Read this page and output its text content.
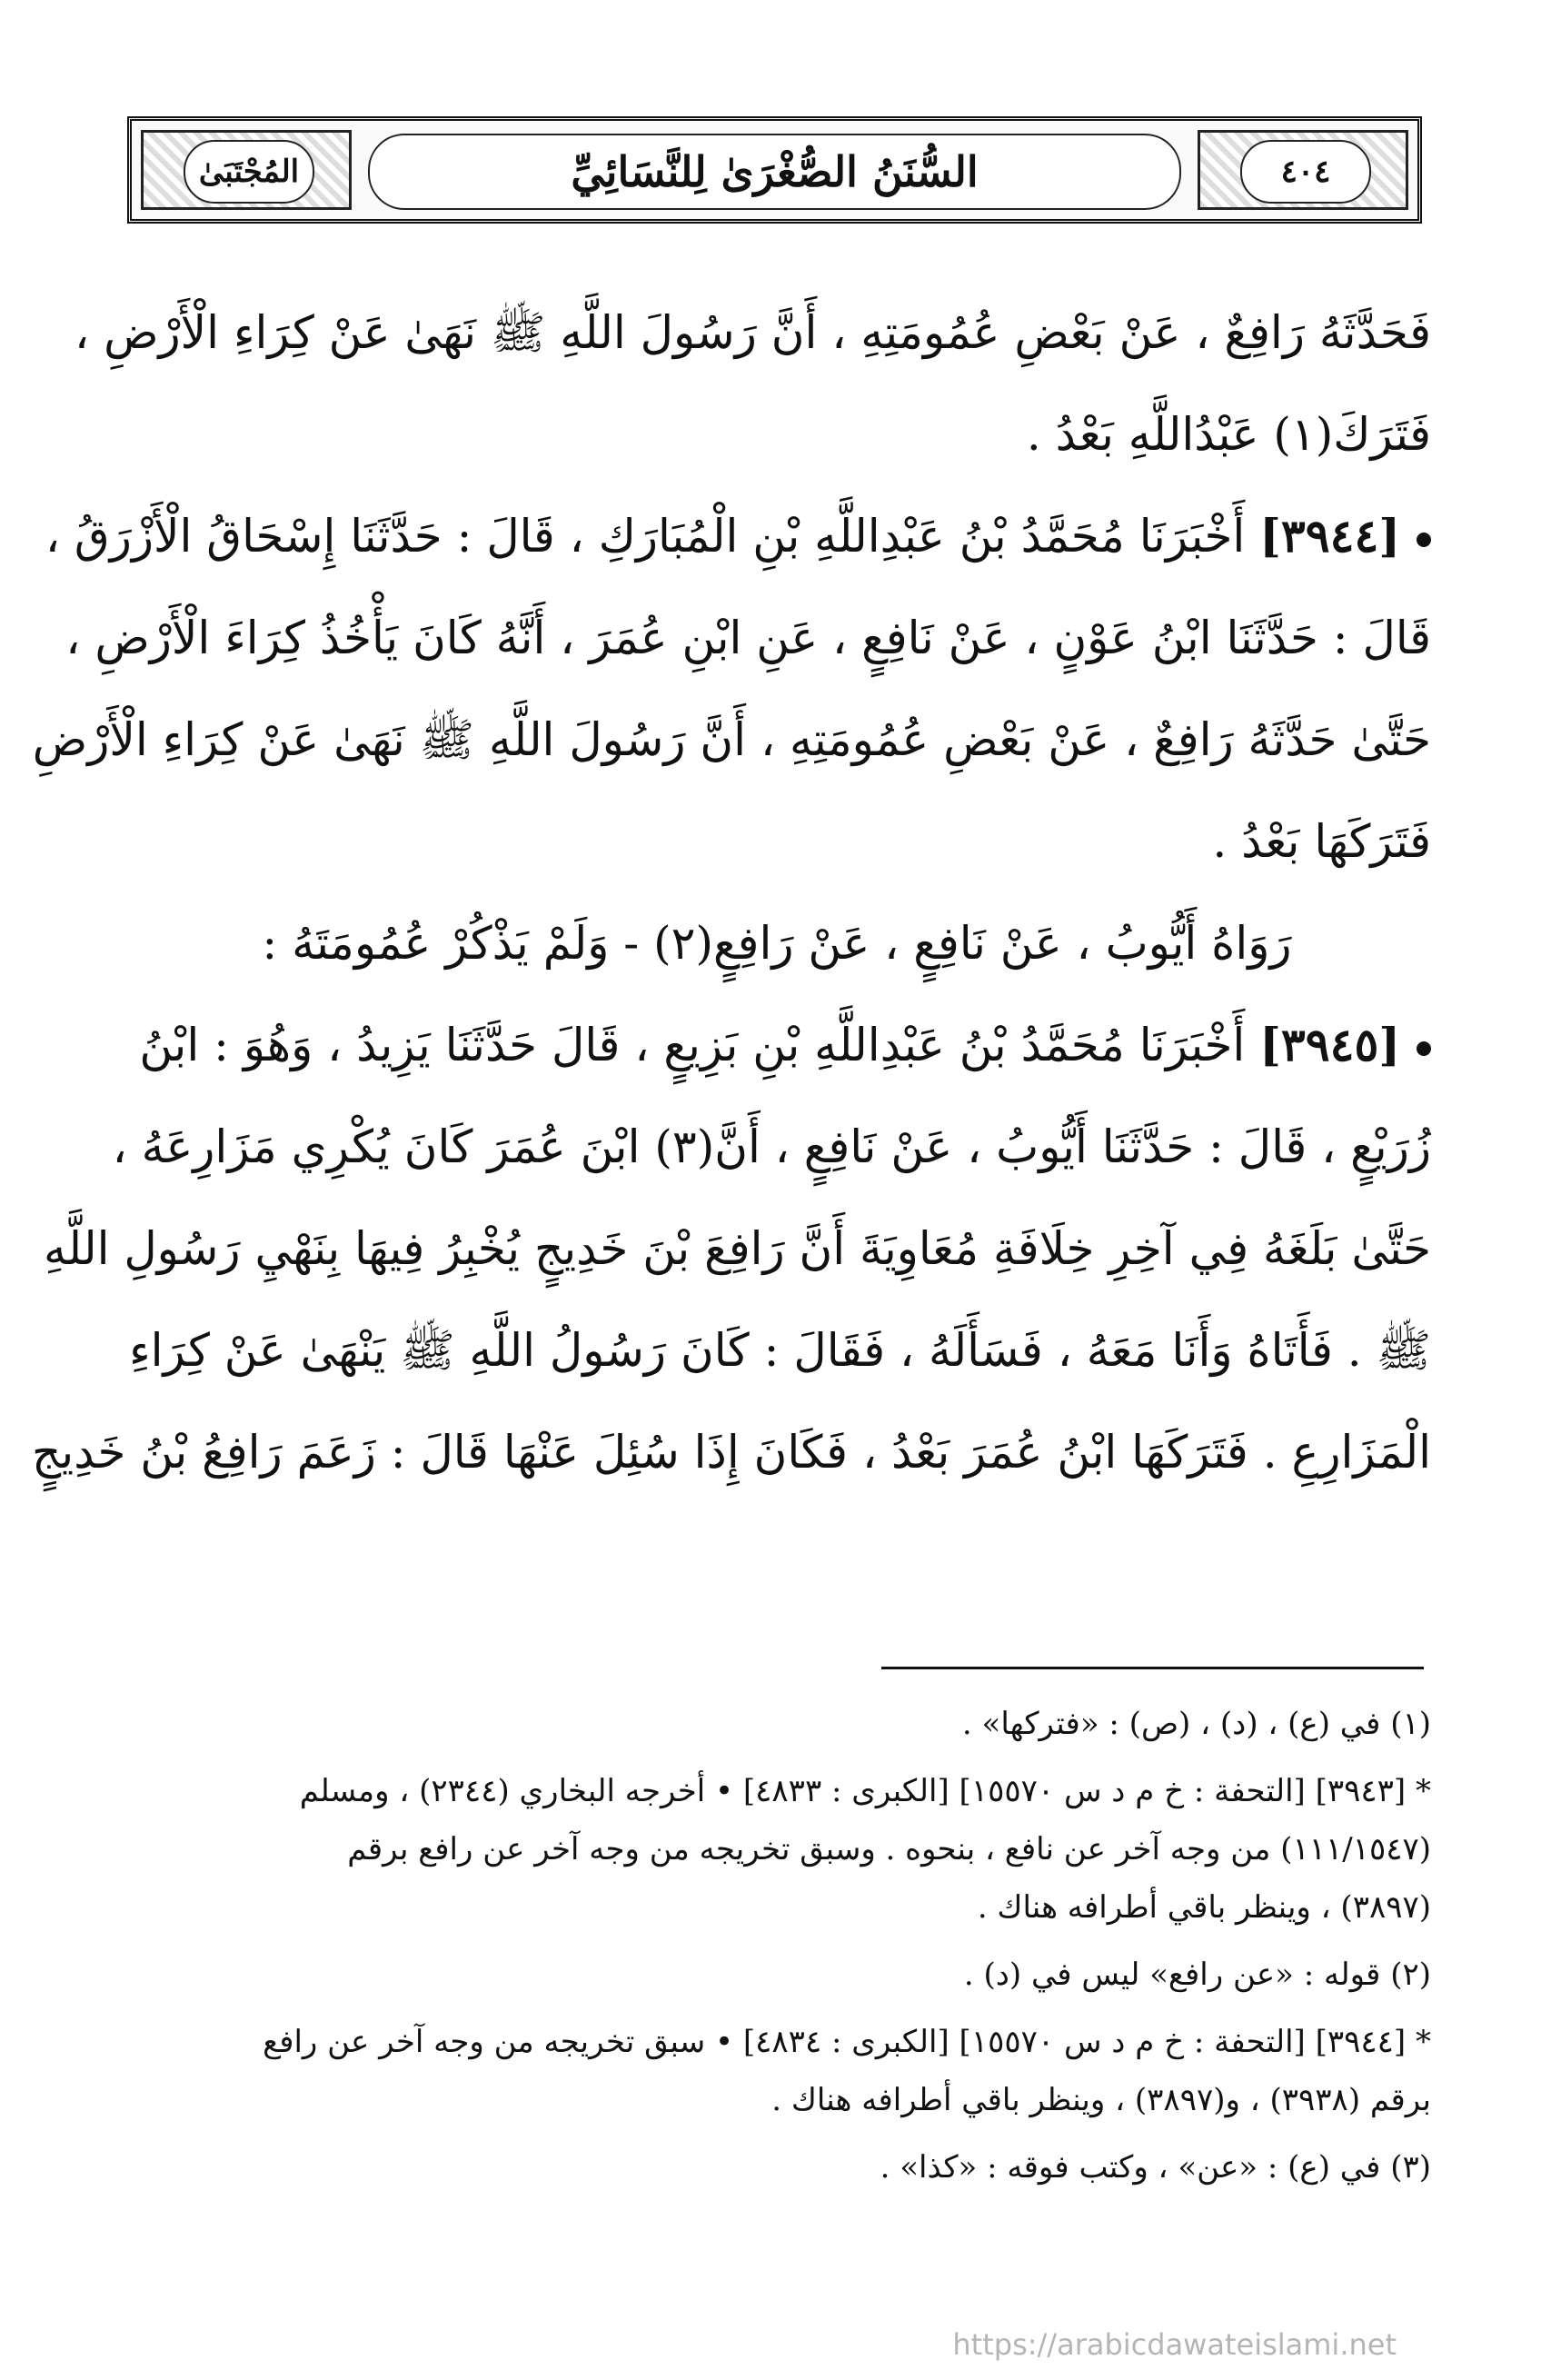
المُجْتَبَىٰ	السُّنَنُ الصُّغْرَىٰ لِلنَّسَائِيِّ	٤٠٤
فَحَدَّثَهُ رَافِعٌ ، عَنْ بَعْضِ عُمُومَتِهِ ، أَنَّ رَسُولَ اللَّهِ ﷺ نَهَىٰ عَنْ كِرَاءِ الْأَرْضِ ،
فَتَرَكَ(١) عَبْدُاللَّهِ بَعْدُ .
[٣٩٤٤] أَخْبَرَنَا مُحَمَّدُ بْنُ عَبْدِاللَّهِ بْنِ الْمُبَارَكِ ، قَالَ : حَدَّثَنَا إِسْحَاقُ الْأَزْرَقُ ،
قَالَ : حَدَّثَنَا ابْنُ عَوْنٍ ، عَنْ نَافِعٍ ، عَنِ ابْنِ عُمَرَ ، أَنَّهُ كَانَ يَأْخُذُ كِرَاءَ الْأَرْضِ ،
حَتَّىٰ حَدَّثَهُ رَافِعٌ ، عَنْ بَعْضِ عُمُومَتِهِ ، أَنَّ رَسُولَ اللَّهِ ﷺ نَهَىٰ عَنْ كِرَاءِ الْأَرْضِ
فَتَرَكَهَا بَعْدُ .
رَوَاهُ أَيُّوبُ ، عَنْ نَافِعٍ ، عَنْ رَافِعٍ(٢) - وَلَمْ يَذْكُرْ عُمُومَتَهُ :
[٣٩٤٥] أَخْبَرَنَا مُحَمَّدُ بْنُ عَبْدِاللَّهِ بْنِ بَزِيعٍ ، قَالَ حَدَّثَنَا يَزِيدُ ، وَهُوَ : ابْنُ
زُرَيْعٍ ، قَالَ : حَدَّثَنَا أَيُّوبُ ، عَنْ نَافِعٍ ، أَنَّ(٣) ابْنَ عُمَرَ كَانَ يُكْرِي مَزَارِعَهُ ،
حَتَّىٰ بَلَغَهُ فِي آخِرِ خِلَافَةِ مُعَاوِيَةَ أَنَّ رَافِعَ بْنَ خَدِيجٍ يُخْبِرُ فِيهَا بِنَهْيِ رَسُولِ اللَّهِ
ﷺ . فَأَتَاهُ وَأَنَا مَعَهُ ، فَسَأَلَهُ ، فَقَالَ : كَانَ رَسُولُ اللَّهِ ﷺ يَنْهَىٰ عَنْ كِرَاءِ
الْمَزَارِعِ . فَتَرَكَهَا ابْنُ عُمَرَ بَعْدُ ، فَكَانَ إِذَا سُئِلَ عَنْهَا قَالَ : زَعَمَ رَافِعُ بْنُ خَدِيجٍ
(١) في (ع) ، (د) ، (ص) : «فتركها» .
* [٣٩٤٣] [التحفة : خ م د س ١٥٥٧٠] [الكبرى : ٤٨٣٣] • أخرجه البخاري (٢٣٤٤) ، ومسلم
(١١١/١٥٤٧) من وجه آخر عن نافع ، بنحوه . وسبق تخريجه من وجه آخر عن رافع برقم
(٣٨٩٧) ، وينظر باقي أطرافه هناك .
(٢) قوله : «عن رافع» ليس في (د) .
* [٣٩٤٤] [التحفة : خ م د س ١٥٥٧٠] [الكبرى : ٤٨٣٤] • سبق تخريجه من وجه آخر عن رافع
برقم (٣٩٣٨) ، و(٣٨٩٧) ، وينظر باقي أطرافه هناك .
(٣) في (ع) : «عن» ، وكتب فوقه : «كذا» .
https://arabicdawateislami.net
